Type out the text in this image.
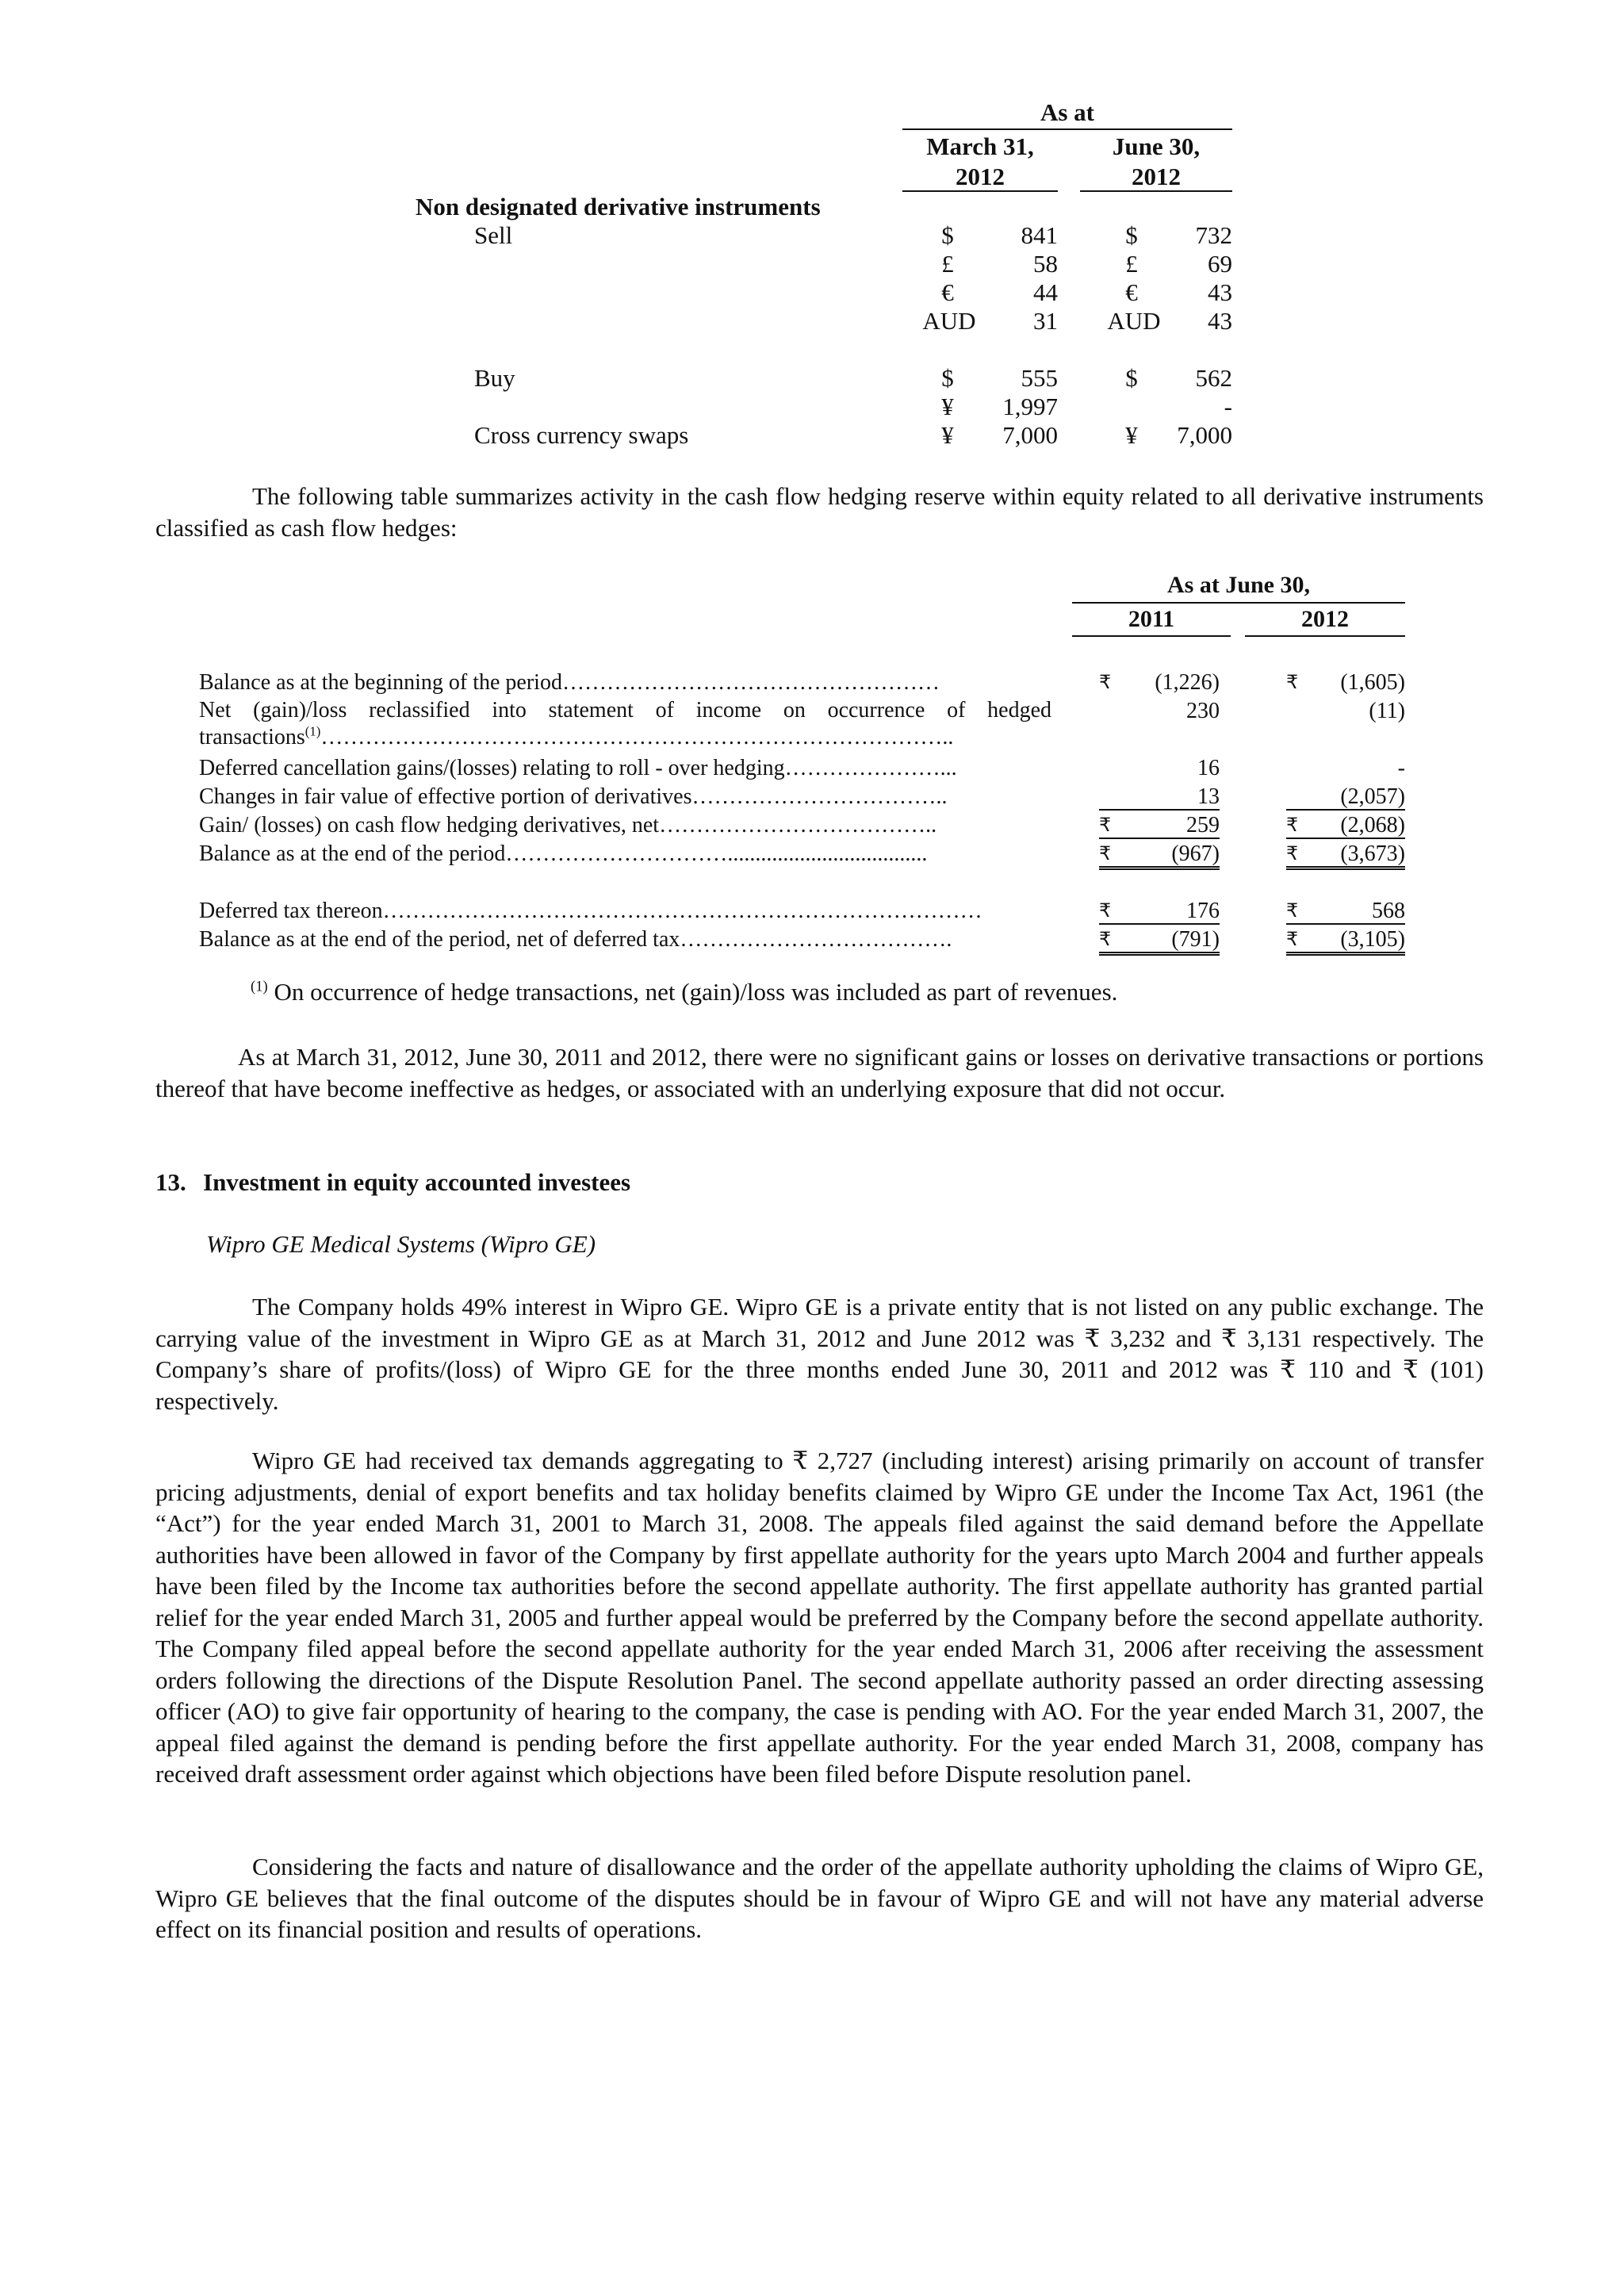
As at
March 31,
2012
June 30,
2012
Non designated derivative instruments
Sell	$	841	$	732
£	58	£	69
€	44	€	43
AUD	31 AUD	43
Buy	$	555	$	562
¥	1,997	-
Cross currency swaps	¥	7,000	¥	7,000

The following table summarizes activity in the cash flow hedging reserve within equity related to all derivative instruments classified as cash flow hedges:

As at June 30,
2011	2012
Balance as at the beginning of the period……………………………………………	₹ (1,226)	₹ (1,605)
Net (gain)/loss reclassified into statement of income on occurrence of hedged transactions$^{(1)}$…………………………………………………………………………..
230	(11)
Deferred cancellation gains/(losses) relating to roll - over hedging…………………...	16	-
Changes in fair value of effective portion of derivatives……………………………..	13	(2,057)
Gain/ (losses) on cash flow hedging derivatives, net………………………………..	₹	259	₹ (2,068)
Balance as at the end of the period…………………………....................................	₹	(967)	₹ (3,673)
Deferred tax thereon………………………………………………………………………	₹	176	₹	568
Balance as at the end of the period, net of deferred tax……………………………….	₹	(791)	₹ (3,105)
$^{(1)}$ On occurrence of hedge transactions, net (gain)/loss was included as part of revenues.

As at March 31, 2012, June 30, 2011 and 2012, there were no significant gains or losses on derivative transactions or portions thereof that have become ineffective as hedges, or associated with an underlying exposure that did not occur.

13. Investment in equity accounted investees
Wipro GE Medical Systems (Wipro GE)

The Company holds 49% interest in Wipro GE. Wipro GE is a private entity that is not listed on any public exchange. The carrying value of the investment in Wipro GE as at March 31, 2012 and June 2012 was ₹ 3,232 and ₹ 3,131 respectively. The Company’s share of profits/(loss) of Wipro GE for the three months ended June 30, 2011 and 2012 was ₹ 110 and ₹ (101) respectively.

Wipro GE had received tax demands aggregating to ₹ 2,727 (including interest) arising primarily on account of transfer pricing adjustments, denial of export benefits and tax holiday benefits claimed by Wipro GE under the Income Tax Act, 1961 (the “Act”) for the year ended March 31, 2001 to March 31, 2008. The appeals filed against the said demand before the Appellate authorities have been allowed in favor of the Company by first appellate authority for the years upto March 2004 and further appeals have been filed by the Income tax authorities before the second appellate authority. The first appellate authority has granted partial relief for the year ended March 31, 2005 and further appeal would be preferred by the Company before the second appellate authority. The Company filed appeal before the second appellate authority for the year ended March 31, 2006 after receiving the assessment orders following the directions of the Dispute Resolution Panel. The second appellate authority passed an order directing assessing officer (AO) to give fair opportunity of hearing to the company, the case is pending with AO. For the year ended March 31, 2007, the appeal filed against the demand is pending before the first appellate authority. For the year ended March 31, 2008, company has received draft assessment order against which objections have been filed before Dispute resolution panel.

Considering the facts and nature of disallowance and the order of the appellate authority upholding the claims of Wipro GE, Wipro GE believes that the final outcome of the disputes should be in favour of Wipro GE and will not have any material adverse effect on its financial position and results of operations.
